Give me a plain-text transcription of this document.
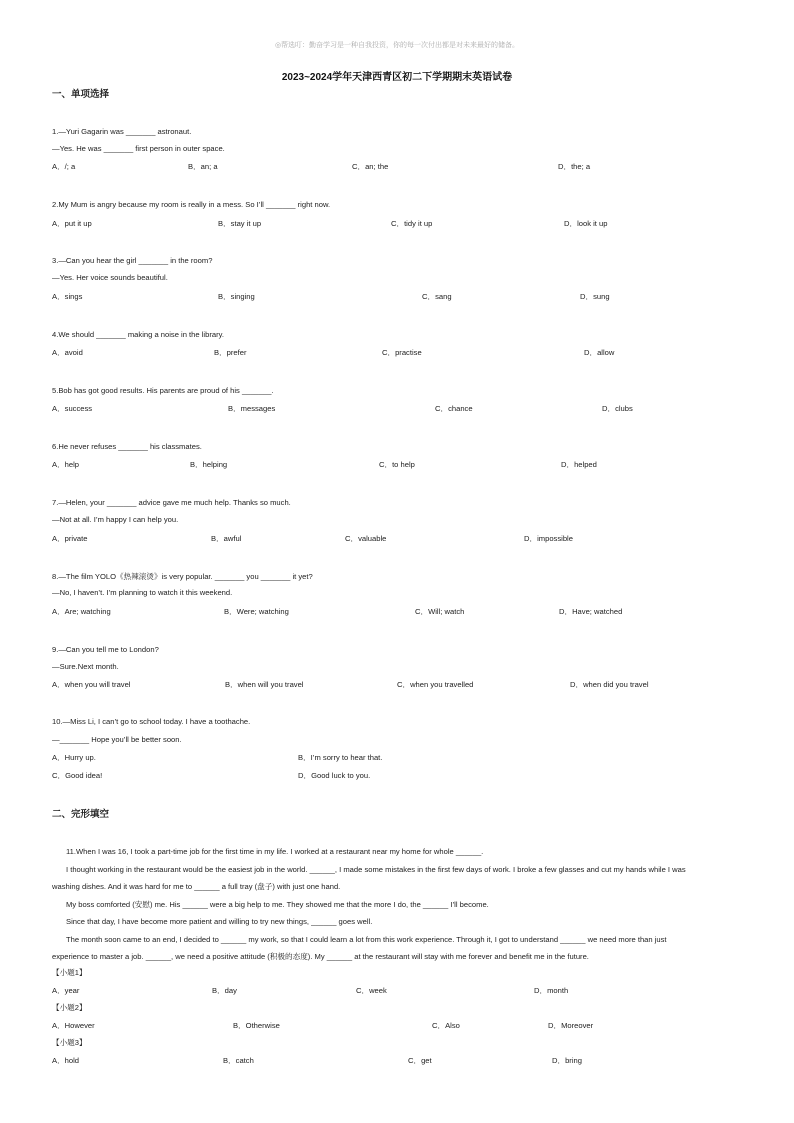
◎帮选叮：勤奋学习是一种自我投资，你的每一次付出都是对未来最好的储备。
2023~2024学年天津西青区初二下学期期末英语试卷
一、单项选择
1.—Yuri Gagarin was _______ astronaut.
—Yes. He was _______ first person in outer space.
A．/; a	B．an; a	C．an; the	D．the; a
2.My Mum is angry because my room is really in a mess. So I’ll _______ right now.
A．put it up	B．stay it up	C．tidy it up	D．look it up
3.—Can you hear the girl _______ in the room?
—Yes. Her voice sounds beautiful.
A．sings	B．singing	C．sang	D．sung
4.We should _______ making a noise in the library.
A．avoid	B．prefer	C．practise	D．allow
5.Bob has got good results. His parents are proud of his _______.
A．success	B．messages	C．chance	D．clubs
6.He never refuses _______ his classmates.
A．help	B．helping	C．to help	D．helped
7.—Helen, your _______ advice gave me much help. Thanks so much.
—Not at all. I’m happy I can help you.
A．private	B．awful	C．valuable	D．impossible
8.—The film YOLO《热辣滚烫》is very popular. _______ you _______ it yet?
—No, I haven’t. I’m planning to watch it this weekend.
A．Are; watching	B．Were; watching	C．Will; watch	D．Have; watched
9.—Can you tell me to London?
—Sure.Next month.
A．when you will travel	B．when will you travel	C．when you travelled	D．when did you travel
10.—Miss Li, I can’t go to school today. I have a toothache.
—_______ Hope you’ll be better soon.
A．Hurry up.	B．I’m sorry to hear that.
C．Good idea!	D．Good luck to you.
二、完形填空

11.When I was 16, I took a part-time job for the first time in my life. I worked at a restaurant near my home for whole ______.

I thought working in the restaurant would be the easiest job in the world. ______, I made some mistakes in the first few days of work. I broke a few glasses and cut my hands while I was

washing dishes. And it was hard for me to ______ a full tray (盘子) with just one hand.

My boss comforted (安慰) me. His ______ were a big help to me. They showed me that the more I do, the ______ I’ll become.

Since that day, I have become more patient and willing to try new things, ______ goes well.

The month soon came to an end, I decided to ______ my work, so that I could learn a lot from this work experience. Through it, I got to understand ______ we need more than just

experience to master a job. ______, we need a positive attitude (积极的态度). My ______ at the restaurant will stay with me forever and benefit me in the future.

【小题1】
A．year	B．day	C．week	D．month
【小题2】
A．However	B．Otherwise	C．Also	D．Moreover
【小题3】
A．hold	B．catch	C．get	D．bring
